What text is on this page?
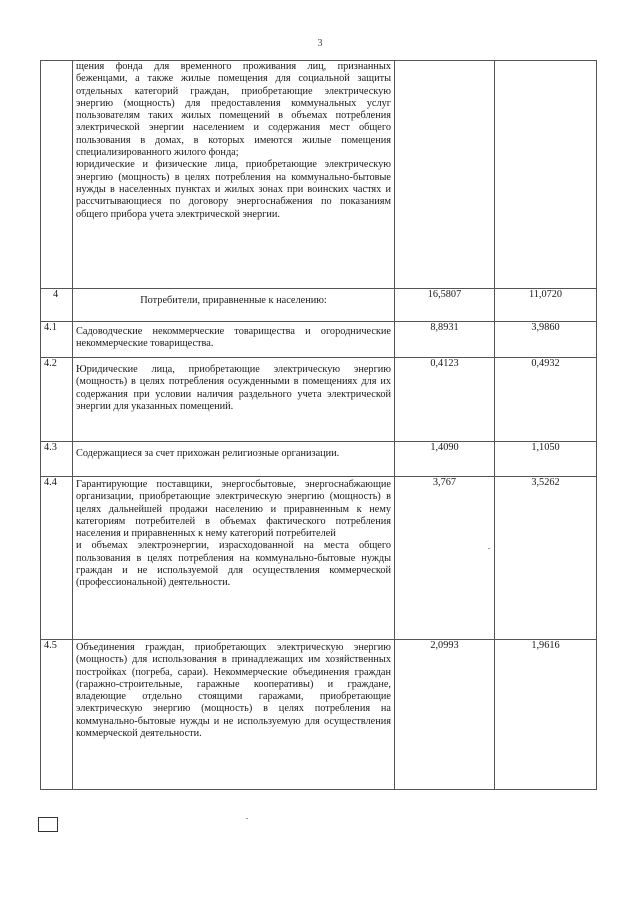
3

	щения фонда для временного проживания лиц, признанных беженцами, а также жилые помещения для социальной защиты отдельных категорий граждан, приобретающие электрическую энергию (мощность) для предоставления коммунальных услуг пользователям таких жилых помещений в объемах потребления электрической энергии населением и содержания мест общего пользования в домах, в которых имеются жилые помещения специализированного жилого фонда;
юридические и физические лица, приобретающие электрическую энергию (мощность) в целях потребления на коммунально-бытовые нужды в населенных пунктах и жилых зонах при воинских частях и рассчитывающиеся по договору энергоснабжения по показаниям общего прибора учета электрической энергии.		

4	Потребители, приравненные к населению:	16,5807	11,0720
4.1	Садоводческие некоммерческие товарищества и огороднические некоммерческие товарищества.	8,8931	3,9860
4.2	Юридические лица, приобретающие электрическую энергию (мощность) в целях потребления осужденными в помещениях для их содержания при условии наличия раздельного учета электрической энергии для указанных помещений.	0,4123	0,4932
4.3	Содержащиеся за счет прихожан религиозные организации.	1,4090	1,1050
4.4	Гарантирующие поставщики, энергосбытовые, энергоснабжающие организации, приобретающие электрическую энергию (мощность) в целях дальнейшей продажи населению и приравненным к нему категориям потребителей в объемах фактического потребления населения и приравненных к нему категорий потребителей
и объемах электроэнергии, израсходованной на места общего пользования в целях потребления на коммунально-бытовые нужды граждан и не используемой для осуществления коммерческой (профессиональной) деятельности.	3,767	3,5262
4.5	Объединения граждан, приобретающих электрическую энергию (мощность) для использования в принадлежащих им хозяйственных постройках (погреба, сараи). Некоммерческие объединения граждан (гаражно-строительные, гаражные кооперативы) и граждане, владеющие отдельно стоящими гаражами, приобретающие электрическую энергию (мощность) в целях потребления на коммунально-бытовые нужды и не используемую для осуществления коммерческой деятельности.	2,0993	1,9616
